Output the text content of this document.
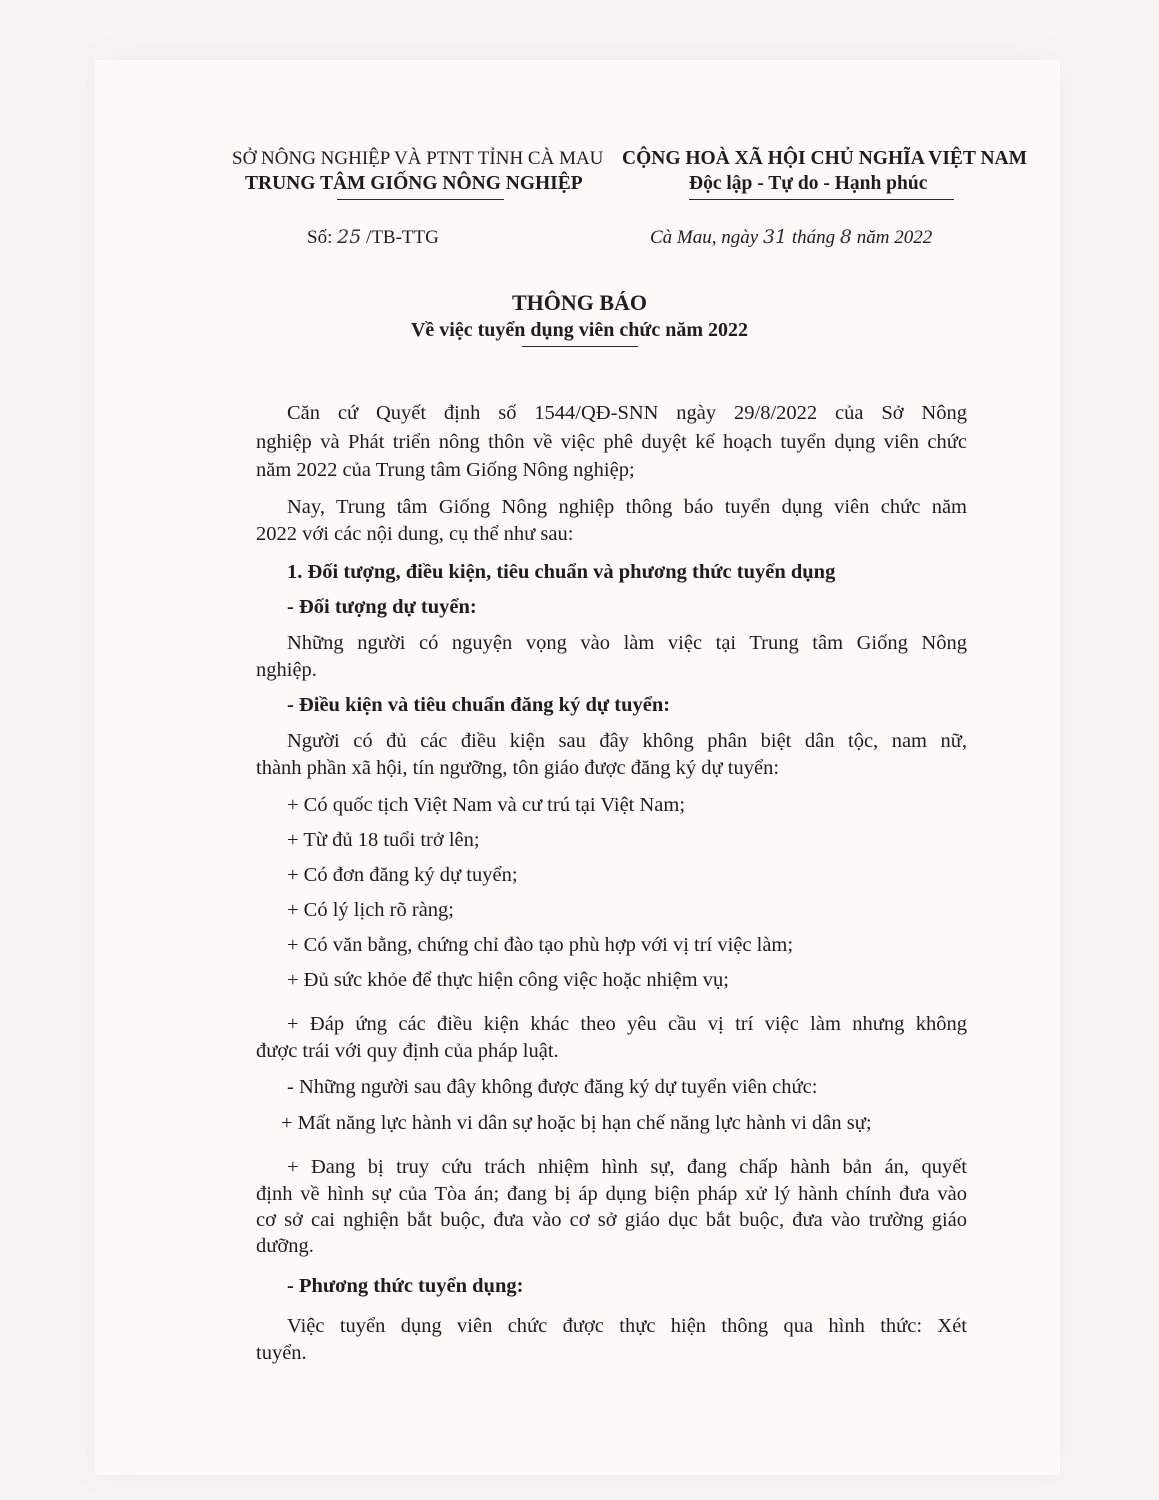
SỞ NÔNG NGHIỆP VÀ PTNT TỈNH CÀ MAU
TRUNG TÂM GIỐNG NÔNG NGHIỆP
CỘNG HOÀ XÃ HỘI CHỦ NGHĨA VIỆT NAM
Độc lập - Tự do - Hạnh phúc
Số: 25 /TB-TTG	Cà Mau, ngày 31 tháng 8 năm 2022
THÔNG BÁO
Về việc tuyển dụng viên chức năm 2022
Căn cứ Quyết định số 1544/QĐ-SNN ngày 29/8/2022 của Sở Nông
nghiệp và Phát triển nông thôn về việc phê duyệt kế hoạch tuyển dụng viên chức
năm 2022 của Trung tâm Giống Nông nghiệp;
Nay, Trung tâm Giống Nông nghiệp thông báo tuyển dụng viên chức năm
2022 với các nội dung, cụ thể như sau:
1. Đối tượng, điều kiện, tiêu chuẩn và phương thức tuyển dụng
- Đối tượng dự tuyển:
Những người có nguyện vọng vào làm việc tại Trung tâm Giống Nông
nghiệp.
- Điều kiện và tiêu chuẩn đăng ký dự tuyển:
Người có đủ các điều kiện sau đây không phân biệt dân tộc, nam nữ,
thành phần xã hội, tín ngưỡng, tôn giáo được đăng ký dự tuyển:
+ Có quốc tịch Việt Nam và cư trú tại Việt Nam;
+ Từ đủ 18 tuổi trở lên;
+ Có đơn đăng ký dự tuyển;
+ Có lý lịch rõ ràng;
+ Có văn bằng, chứng chỉ đào tạo phù hợp với vị trí việc làm;
+ Đủ sức khỏe để thực hiện công việc hoặc nhiệm vụ;
+ Đáp ứng các điều kiện khác theo yêu cầu vị trí việc làm nhưng không
được trái với quy định của pháp luật.
- Những người sau đây không được đăng ký dự tuyển viên chức:
+ Mất năng lực hành vi dân sự hoặc bị hạn chế năng lực hành vi dân sự;
+ Đang bị truy cứu trách nhiệm hình sự, đang chấp hành bản án, quyết
định về hình sự của Tòa án; đang bị áp dụng biện pháp xử lý hành chính đưa vào
cơ sở cai nghiện bắt buộc, đưa vào cơ sở giáo dục bắt buộc, đưa vào trường giáo
dưỡng.
- Phương thức tuyển dụng:
Việc tuyển dụng viên chức được thực hiện thông qua hình thức: Xét
tuyển.
